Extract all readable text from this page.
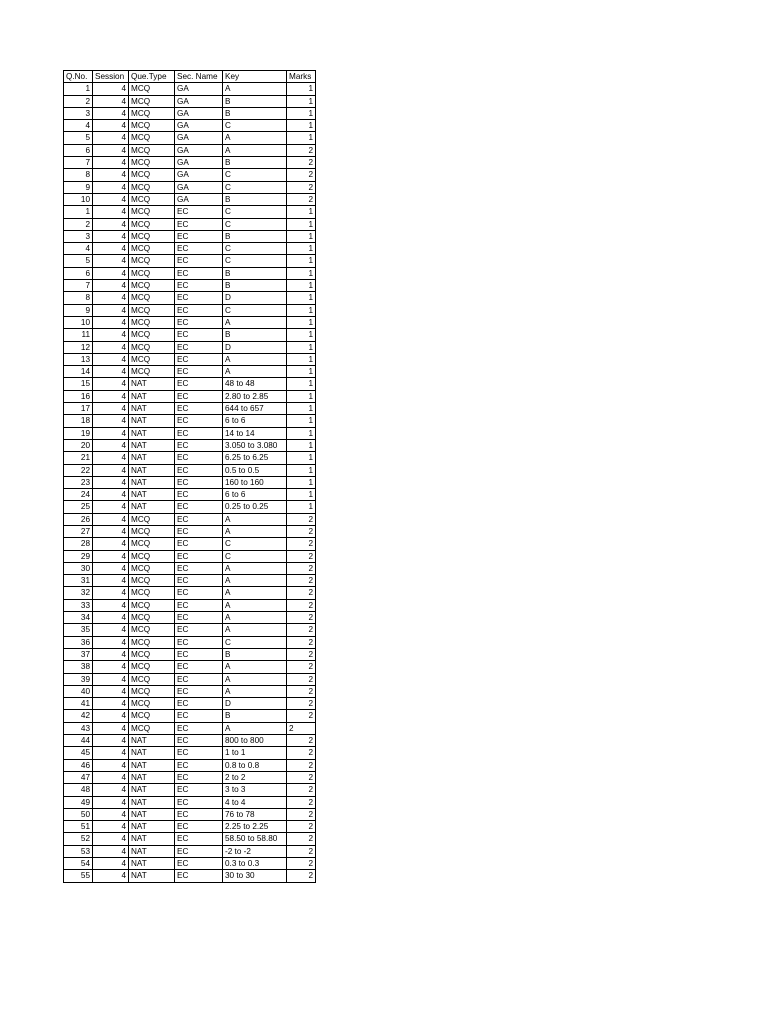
Q.No.	Session	Que.Type	Sec. Name	Key	Marks
1	4	MCQ	GA	A	1
2	4	MCQ	GA	B	1
3	4	MCQ	GA	B	1
4	4	MCQ	GA	C	1
5	4	MCQ	GA	A	1
6	4	MCQ	GA	A	2
7	4	MCQ	GA	B	2
8	4	MCQ	GA	C	2
9	4	MCQ	GA	C	2
10	4	MCQ	GA	B	2
1	4	MCQ	EC	C	1
2	4	MCQ	EC	C	1
3	4	MCQ	EC	B	1
4	4	MCQ	EC	C	1
5	4	MCQ	EC	C	1
6	4	MCQ	EC	B	1
7	4	MCQ	EC	B	1
8	4	MCQ	EC	D	1
9	4	MCQ	EC	C	1
10	4	MCQ	EC	A	1
11	4	MCQ	EC	B	1
12	4	MCQ	EC	D	1
13	4	MCQ	EC	A	1
14	4	MCQ	EC	A	1
15	4	NAT	EC	48 to 48	1
16	4	NAT	EC	2.80 to 2.85	1
17	4	NAT	EC	644 to 657	1
18	4	NAT	EC	6 to 6	1
19	4	NAT	EC	14 to 14	1
20	4	NAT	EC	3.050 to 3.080	1
21	4	NAT	EC	6.25 to 6.25	1
22	4	NAT	EC	0.5 to 0.5	1
23	4	NAT	EC	160 to 160	1
24	4	NAT	EC	6 to 6	1
25	4	NAT	EC	0.25 to 0.25	1
26	4	MCQ	EC	A	2
27	4	MCQ	EC	A	2
28	4	MCQ	EC	C	2
29	4	MCQ	EC	C	2
30	4	MCQ	EC	A	2
31	4	MCQ	EC	A	2
32	4	MCQ	EC	A	2
33	4	MCQ	EC	A	2
34	4	MCQ	EC	A	2
35	4	MCQ	EC	A	2
36	4	MCQ	EC	C	2
37	4	MCQ	EC	B	2
38	4	MCQ	EC	A	2
39	4	MCQ	EC	A	2
40	4	MCQ	EC	A	2
41	4	MCQ	EC	D	2
42	4	MCQ	EC	B	2
43	4	MCQ	EC	A	2
44	4	NAT	EC	800 to 800	2
45	4	NAT	EC	1 to 1	2
46	4	NAT	EC	0.8 to 0.8	2
47	4	NAT	EC	2 to 2	2
48	4	NAT	EC	3 to 3	2
49	4	NAT	EC	4 to 4	2
50	4	NAT	EC	76 to 78	2
51	4	NAT	EC	2.25 to 2.25	2
52	4	NAT	EC	58.50 to 58.80	2
53	4	NAT	EC	-2 to -2	2
54	4	NAT	EC	0.3 to 0.3	2
55	4	NAT	EC	30 to 30	2
